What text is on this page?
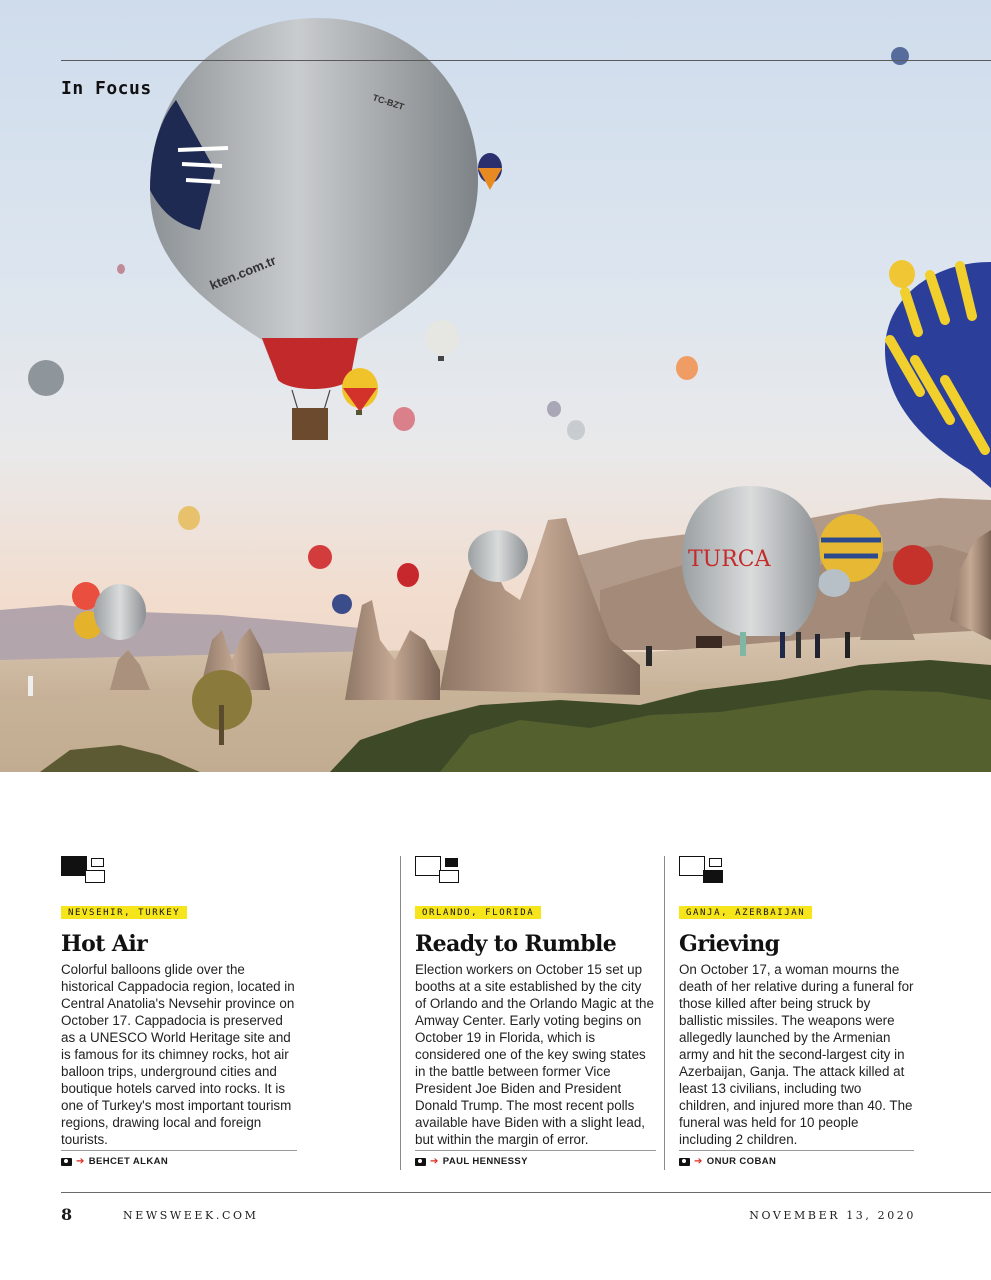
TC-BZT
kten.com.tr
TURCA
In Focus
NEVSEHIR, TURKEY
Hot Air

Colorful balloons glide over the historical Cappadocia region, located in Central Anatolia's Nevsehir province on October 17. Cappadocia is preserved as a UNESCO World Heritage site and is famous for its chimney rocks, hot air balloon trips, underground cities and boutique hotels carved into rocks. It is one of Turkey's most important tourism regions, drawing local and foreign tourists.

➔ BEHCET ALKAN
ORLANDO, FLORIDA
Ready to Rumble

Election workers on October 15 set up booths at a site established by the city of Orlando and the Orlando Magic at the Amway Center. Early voting begins on October 19 in Florida, which is considered one of the key swing states in the battle between former Vice President Joe Biden and President Donald Trump. The most recent polls available have Biden with a slight lead, but within the margin of error.

➔ PAUL HENNESSY
GANJA, AZERBAIJAN
Grieving

On October 17, a woman mourns the death of her relative during a funeral for those killed after being struck by ballistic missiles. The weapons were allegedly launched by the Armenian army and hit the second-largest city in Azerbaijan, Ganja. The attack killed at least 13 civilians, including two children, and injured more than 40. The funeral was held for 10 people including 2 children.

➔ ONUR COBAN
8	NEWSWEEK.COM	NOVEMBER 13, 2020
